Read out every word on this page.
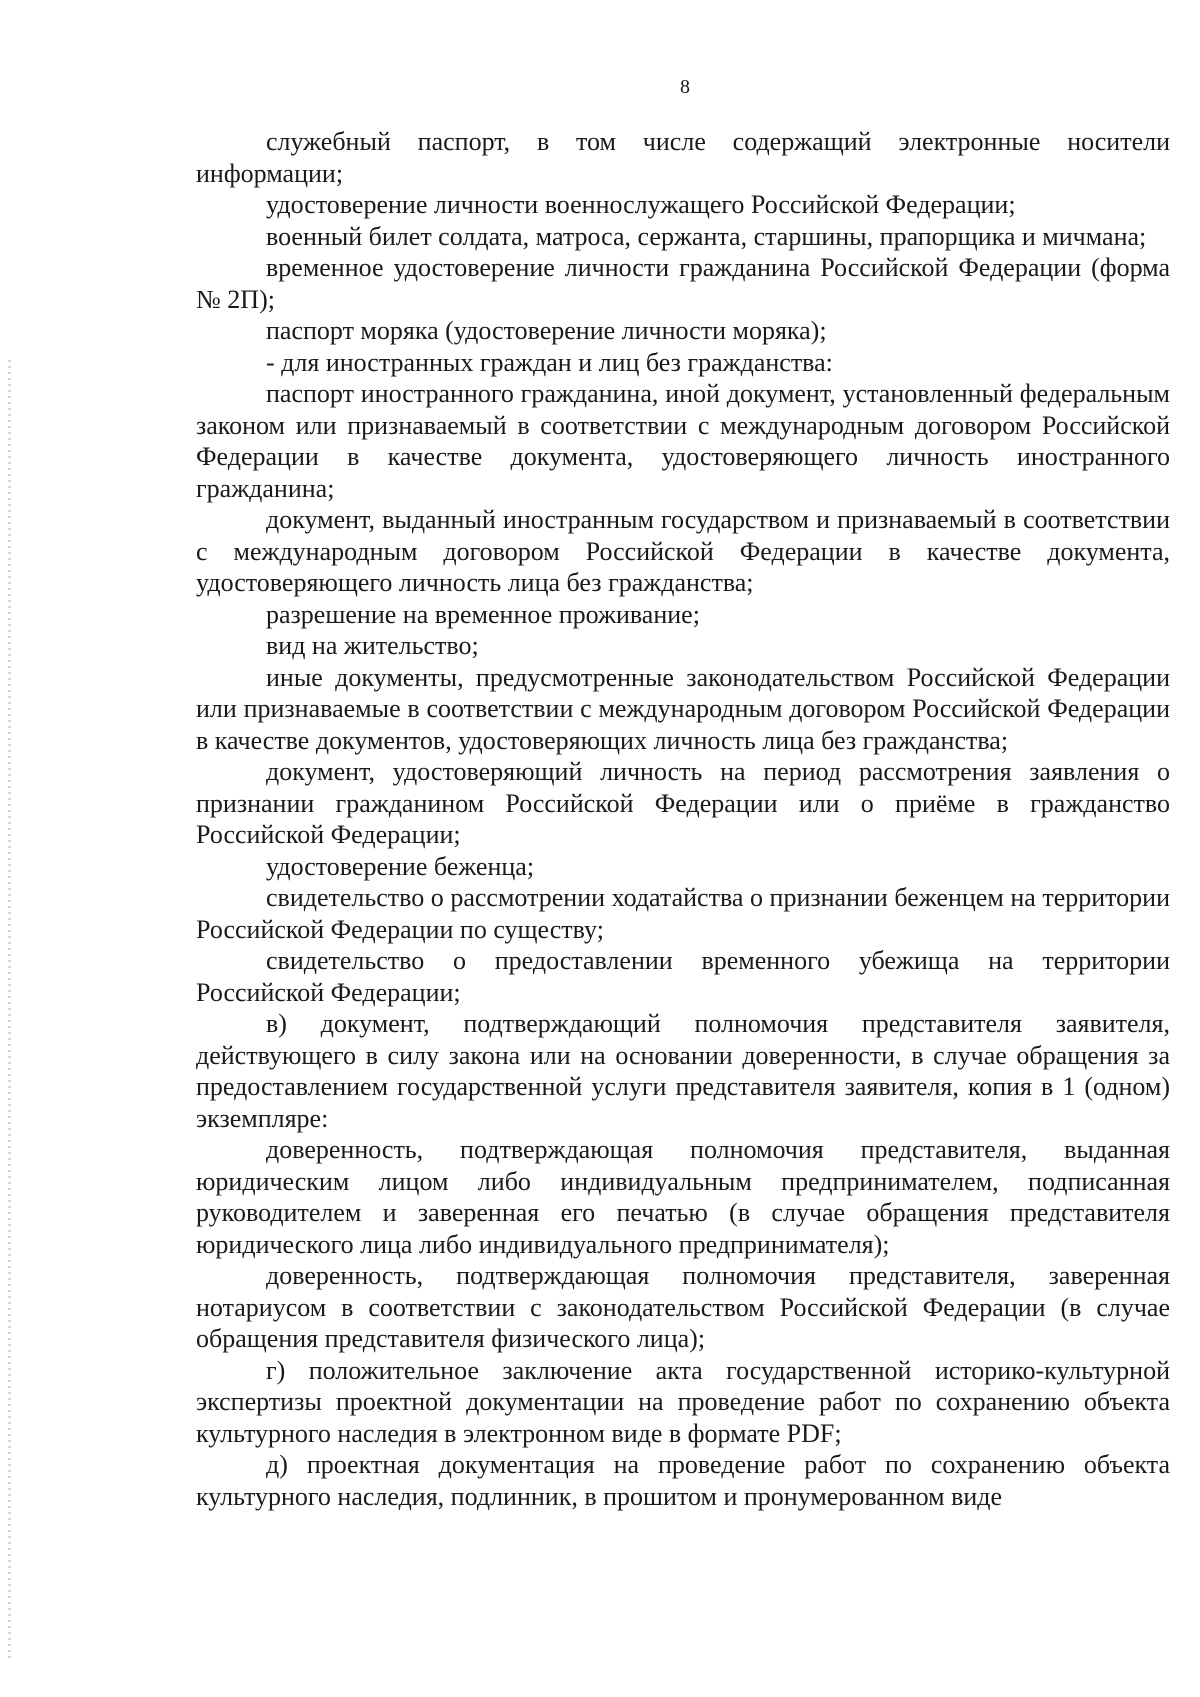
8

служебный паспорт, в том числе содержащий электронные носители информации;

удостоверение личности военнослужащего Российской Федерации;

военный билет солдата, матроса, сержанта, старшины, прапорщика и мичмана;

временное удостоверение личности гражданина Российской Федерации (форма № 2П);

паспорт моряка (удостоверение личности моряка);

- для иностранных граждан и лиц без гражданства:

паспорт иностранного гражданина, иной документ, установленный федеральным законом или признаваемый в соответствии с международным договором Российской Федерации в качестве документа, удостоверяющего личность иностранного гражданина;

документ, выданный иностранным государством и признаваемый в соответствии с международным договором Российской Федерации в качестве документа, удостоверяющего личность лица без гражданства;

разрешение на временное проживание;

вид на жительство;

иные документы, предусмотренные законодательством Российской Федерации или признаваемые в соответствии с международным договором Российской Федерации в качестве документов, удостоверяющих личность лица без гражданства;

документ, удостоверяющий личность на период рассмотрения заявления о признании гражданином Российской Федерации или о приёме в гражданство Российской Федерации;

удостоверение беженца;

свидетельство о рассмотрении ходатайства о признании беженцем на территории Российской Федерации по существу;

свидетельство о предоставлении временного убежища на территории Российской Федерации;

в) документ, подтверждающий полномочия представителя заявителя, действующего в силу закона или на основании доверенности, в случае обращения за предоставлением государственной услуги представителя заявителя, копия в 1 (одном) экземпляре:

доверенность, подтверждающая полномочия представителя, выданная юридическим лицом либо индивидуальным предпринимателем, подписанная руководителем и заверенная его печатью (в случае обращения представителя юридического лица либо индивидуального предпринимателя);

доверенность, подтверждающая полномочия представителя, заверенная нотариусом в соответствии с законодательством Российской Федерации (в случае обращения представителя физического лица);

г) положительное заключение акта государственной историко-культурной экспертизы проектной документации на проведение работ по сохранению объекта культурного наследия в электронном виде в формате PDF;

д) проектная документация на проведение работ по сохранению объекта культурного наследия, подлинник, в прошитом и пронумерованном виде
